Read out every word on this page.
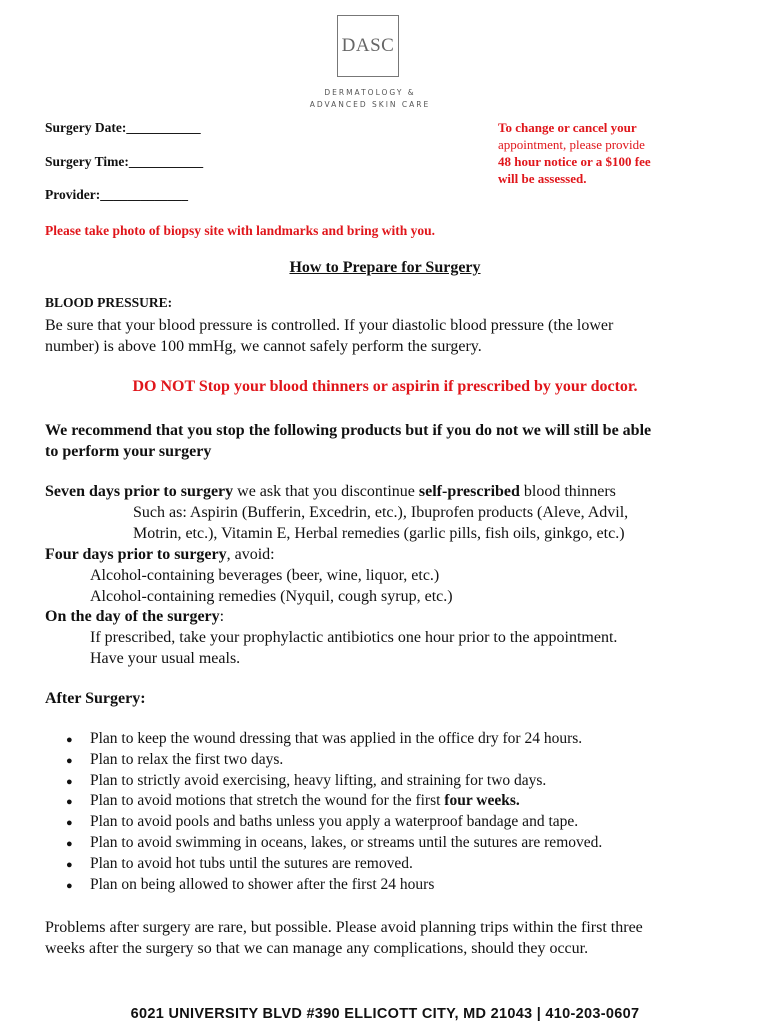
DASC
DERMATOLOGY &
ADVANCED SKIN CARE
Surgery Date:___________
Surgery Time:___________
Provider:_____________
To change or cancel your
appointment, please provide
48 hour notice or a $100 fee
will be assessed.
Please take photo of biopsy site with landmarks and bring with you.
How to Prepare for Surgery
BLOOD PRESSURE:
Be sure that your blood pressure is controlled. If your diastolic blood pressure (the lower
number) is above 100 mmHg, we cannot safely perform the surgery.
DO NOT Stop your blood thinners or aspirin if prescribed by your doctor.
We recommend that you stop the following products but if you do not we will still be able
to perform your surgery
Seven days prior to surgery we ask that you discontinue self-prescribed blood thinners
Such as: Aspirin (Bufferin, Excedrin, etc.), Ibuprofen products (Aleve, Advil,
Motrin, etc.), Vitamin E, Herbal remedies (garlic pills, fish oils, ginkgo, etc.)
Four days prior to surgery, avoid:
Alcohol-containing beverages (beer, wine, liquor, etc.)
Alcohol-containing remedies (Nyquil, cough syrup, etc.)
On the day of the surgery:
If prescribed, take your prophylactic antibiotics one hour prior to the appointment.
Have your usual meals.
After Surgery:
● Plan to keep the wound dressing that was applied in the office dry for 24 hours.
● Plan to relax the first two days.
● Plan to strictly avoid exercising, heavy lifting, and straining for two days.
● Plan to avoid motions that stretch the wound for the first four weeks.
● Plan to avoid pools and baths unless you apply a waterproof bandage and tape.
● Plan to avoid swimming in oceans, lakes, or streams until the sutures are removed.
● Plan to avoid hot tubs until the sutures are removed.
● Plan on being allowed to shower after the first 24 hours
Problems after surgery are rare, but possible. Please avoid planning trips within the first three
weeks after the surgery so that we can manage any complications, should they occur.
6021 UNIVERSITY BLVD #390 ELLICOTT CITY, MD 21043 | 410-203-0607
